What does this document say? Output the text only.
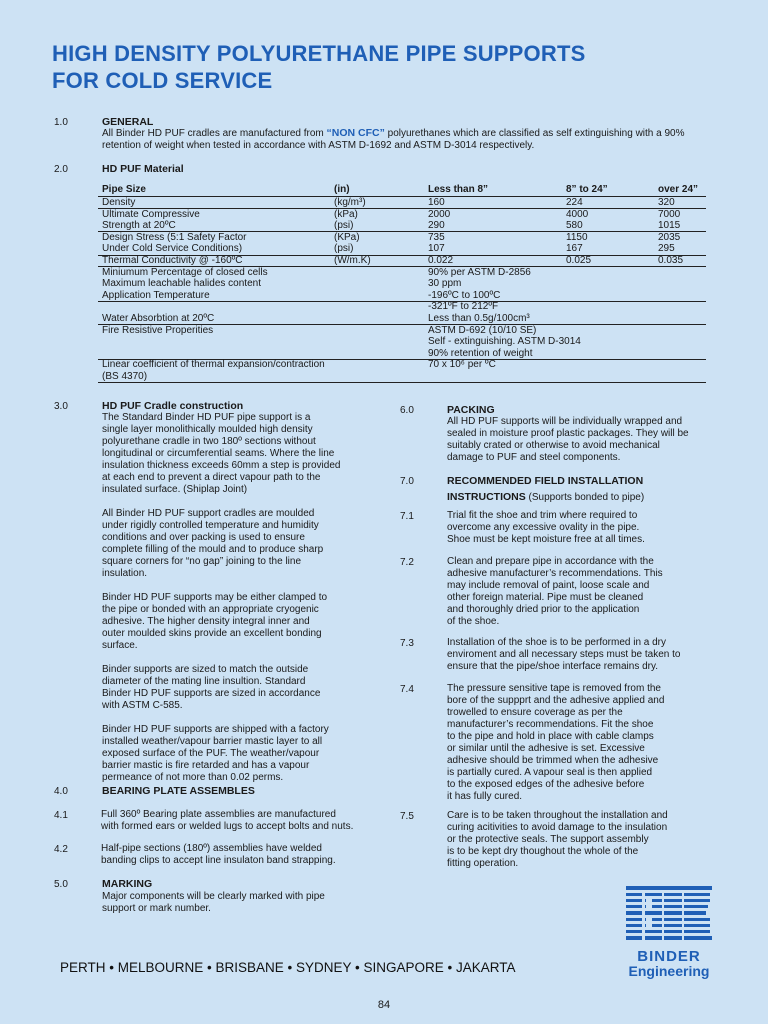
HIGH DENSITY POLYURETHANE PIPE SUPPORTS
FOR COLD SERVICE
1.0	GENERAL
All Binder HD PUF cradles are manufactured from “NON CFC” polyurethanes which are classified as self extinguishing with a 90%
retention of weight when tested in accordance with ASTM D-1692 and ASTM D-3014 respectively.
2.0	HD PUF Material
Pipe Size	(in)	Less than 8”	8” to 24”	over 24”
Density	(kg/m³)	160	224	320
Ultimate Compressive	(kPa)	2000	4000	7000
Strength at 20ºC	(psi)	290	580	1015
Design Stress (5:1 Safety Factor	(KPa)	735	1150	2035
Under Cold Service Conditions)	(psi)	107	167	295
Thermal Conductivity @ -160ºC	(W/m.K)	0.022	0.025	0.035
Miniumum Percentage of closed cells	90% per ASTM D-2856
Maximum leachable halides content	30 ppm
Application Temperature	-196ºC to 100ºC
-321ºF to 212ºF
Water Absorbtion at 20ºC	Less than 0.5g/100cm³
Fire Resistive Properities	ASTM D-692 (10/10 SE)
Self - extinguishing. ASTM D-3014
90% retention of weight
Linear coefficient of thermal expansion/contraction	70 x 10⁶ per ºC
(BS 4370)
3.0	HD PUF Cradle construction
The Standard Binder HD PUF pipe support is a
single layer monolithically moulded high density
polyurethane cradle in two 180º sections without
longitudinal or circumferential seams. Where the line
insulation thickness exceeds 60mm a step is provided
at each end to prevent a direct vapour path to the
insulated surface. (Shiplap Joint)
All Binder HD PUF support cradles are moulded
under rigidly controlled temperature and humidity
conditions and over packing is used to ensure
complete filling of the mould and to produce sharp
square corners for “no gap” joining to the line
insulation.
Binder HD PUF supports may be either clamped to
the pipe or bonded with an appropriate cryogenic
adhesive. The higher density integral inner and
outer moulded skins provide an excellent bonding
surface.
Binder supports are sized to match the outside
diameter of the mating line insultion. Standard
Binder HD PUF supports are sized in accordance
with ASTM C-585.
Binder HD PUF supports are shipped with a factory
installed weather/vapour barrier mastic layer to all
exposed surface of the PUF. The weather/vapour
barrier mastic is fire retarded and has a vapour
permeance of not more than 0.02 perms.
4.0	BEARING PLATE ASSEMBLES
4.1	Full 360º Bearing plate assemblies are manufactured
with formed ears or welded lugs to accept bolts and nuts.
4.2	Half-pipe sections (180º) assemblies have welded
banding clips to accept line insulaton band strapping.
5.0	MARKING
Major components will be clearly marked with pipe
support or mark number.
6.0	PACKING
All HD PUF supports will be individually wrapped and
sealed in moisture proof plastic packages. They will be
suitably crated or otherwise to avoid mechanical
damage to PUF and steel components.
7.0	RECOMMENDED FIELD INSTALLATION
INSTRUCTIONS (Supports bonded to pipe)
7.1	Trial fit the shoe and trim where required to
overcome any excessive ovality in the pipe.
Shoe must be kept moisture free at all times.
7.2	Clean and prepare pipe in accordance with the
adhesive manufacturer’s recommendations. This
may include removal of paint, loose scale and
other foreign material. Pipe must be cleaned
and thoroughly dried prior to the application
of the shoe.
7.3	Installation of the shoe is to be performed in a dry
enviroment and all necessary steps must be taken to
ensure that the pipe/shoe interface remains dry.
7.4	The pressure sensitive tape is removed from the
bore of the suppprt and the adhesive applied and
trowelled to ensure coverage as per the
manufacturer’s recommendations. Fit the shoe
to the pipe and hold in place with cable clamps
or similar until the adhesive is set. Excessive
adhesive should be trimmed when the adhesive
is partially cured. A vapour seal is then applied
to the exposed edges of the adhesive before
it has fully cured.
7.5	Care is to be taken throughout the installation and
curing acitivities to avoid damage to the insulation
or the protective seals. The support assembly
is to be kept dry thoughout the whole of the
fitting operation.
BINDER
Engineering
PERTH • MELBOURNE • BRISBANE • SYDNEY • SINGAPORE • JAKARTA
84
